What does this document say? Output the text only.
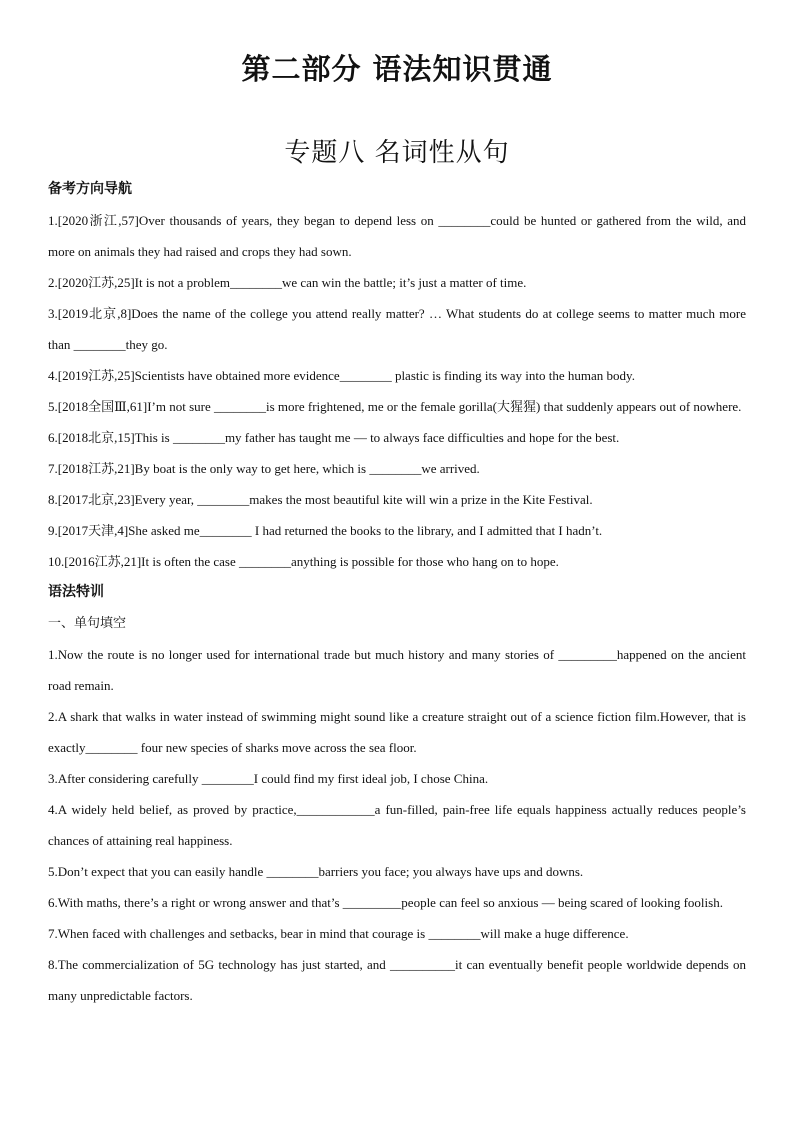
第二部分 语法知识贯通
专题八 名词性从句
备考方向导航

1.[2020浙江,57]Over thousands of years, they began to depend less on ________could be hunted or gathered from the wild, and more on animals they had raised and crops they had sown.

2.[2020江苏,25]It is not a problem________we can win the battle; it’s just a matter of time.

3.[2019北京,8]Does the name of the college you attend really matter? … What students do at college seems to matter much more than ________they go.

4.[2019江苏,25]Scientists have obtained more evidence________ plastic is finding its way into the human body.

5.[2018全国Ⅲ,61]I’m not sure ________is more frightened, me or the female gorilla(大猩猩) that suddenly appears out of nowhere.

6.[2018北京,15]This is ________my father has taught me — to always face difficulties and hope for the best.

7.[2018江苏,21]By boat is the only way to get here, which is ________we arrived.

8.[2017北京,23]Every year, ________makes the most beautiful kite will win a prize in the Kite Festival.

9.[2017天津,4]She asked me________ I had returned the books to the library, and I admitted that I hadn’t.

10.[2016江苏,21]It is often the case ________anything is possible for those who hang on to hope.

语法特训
一、单句填空

1.Now the route is no longer used for international trade but much history and many stories of _________happened on the ancient road remain.

2.A shark that walks in water instead of swimming might sound like a creature straight out of a science fiction film.However, that is exactly________ four new species of sharks move across the sea floor.

3.After considering carefully ________I could find my first ideal job, I chose China.

4.A widely held belief, as proved by practice,____________a fun-filled, pain-free life equals happiness actually reduces people’s chances of attaining real happiness.

5.Don’t expect that you can easily handle ________barriers you face; you always have ups and downs.

6.With maths, there’s a right or wrong answer and that’s _________people can feel so anxious — being scared of looking foolish.

7.When faced with challenges and setbacks, bear in mind that courage is ________will make a huge difference.

8.The commercialization of 5G technology has just started, and __________it can eventually benefit people worldwide depends on many unpredictable factors.
